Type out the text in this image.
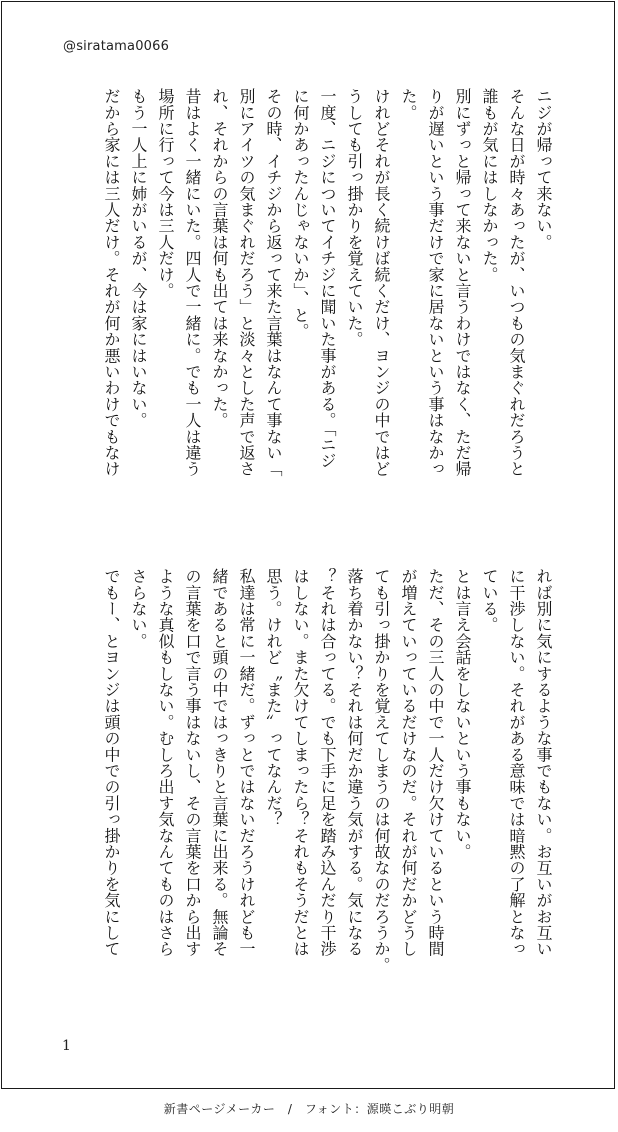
@siratama0066
ニジが帰って来ない。
そんな日が時々あったが、いつもの気まぐれだろうと
誰もが気にはしなかった。
別にずっと帰って来ないと言うわけではなく、ただ帰
りが遅いという事だけで家に居ないという事はなかっ
た。
けれどそれが長く続けば続くだけ、ヨンジの中ではど
うしても引っ掛かりを覚えていた。
一度、ニジについてイチジに聞いた事がある。「ニジ
に何かあったんじゃないか」、と。
その時、イチジから返って来た言葉はなんて事ない「
別にアイツの気まぐれだろう」と淡々とした声で返さ
れ、それからの言葉は何も出ては来なかった。
昔はよく一緒にいた。四人で一緒に。でも一人は違う
場所に行って今は三人だけ。
もう一人上に姉がいるが、今は家にはいない。
だから家には三人だけ。それが何か悪いわけでもなけ
れば別に気にするような事でもない。お互いがお互い
に干渉しない。それがある意味では暗黙の了解となっ
ている。
とは言え会話をしないという事もない。
ただ、その三人の中で一人だけ欠けているという時間
が増えていっているだけなのだ。それが何だかどうし
ても引っ掛かりを覚えてしまうのは何故なのだろうか。
落ち着かない？それは何だか違う気がする。気になる
？それは合ってる。でも下手に足を踏み込んだり干渉
はしない。また欠けてしまったら？それもそうだとは
思う。けれど〝また〟ってなんだ？
私達は常に一緒だ。ずっとではないだろうけれども一
緒であると頭の中ではっきりと言葉に出来る。無論そ
の言葉を口で言う事はないし、その言葉を口から出す
ような真似もしない。むしろ出す気なんてものはさら
さらない。
でもー、とヨンジは頭の中での引っ掛かりを気にして
1
新書ページメーカー　/　フォント：源暎こぶり明朝
